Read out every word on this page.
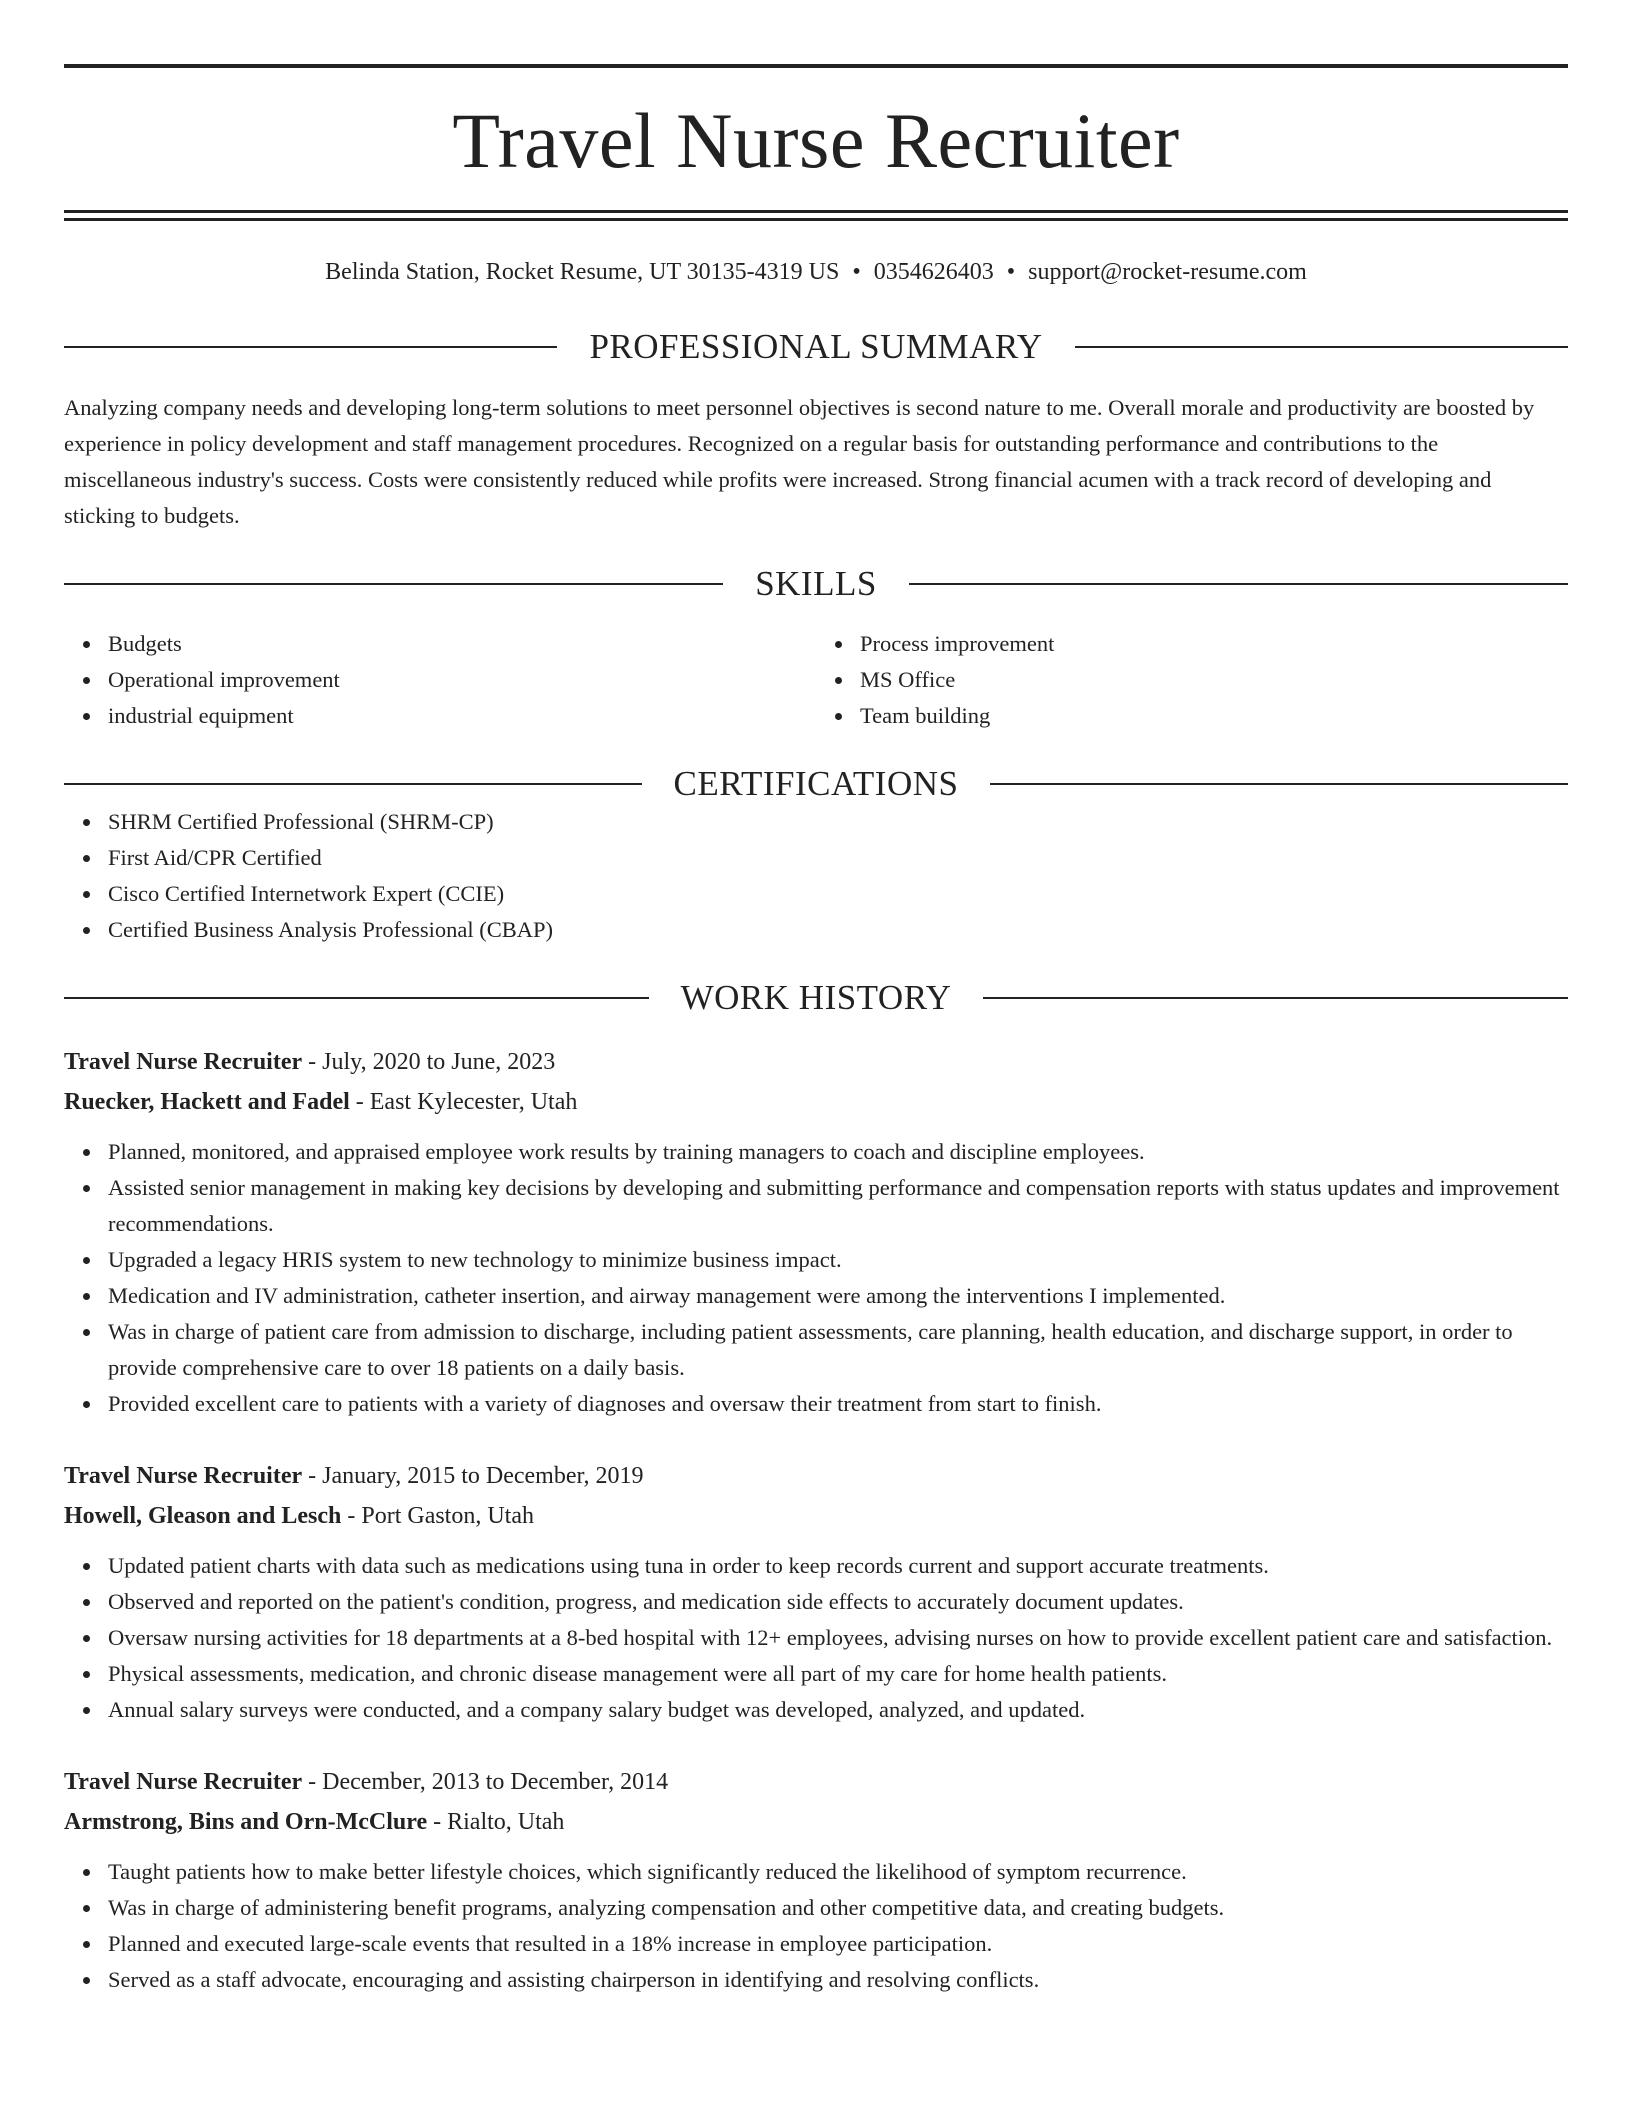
Travel Nurse Recruiter
Belinda Station, Rocket Resume, UT 30135-4319 US • 0354626403 • support@rocket-resume.com
PROFESSIONAL SUMMARY

Analyzing company needs and developing long-term solutions to meet personnel objectives is second nature to me. Overall morale and productivity are boosted by experience in policy development and staff management procedures. Recognized on a regular basis for outstanding performance and contributions to the miscellaneous industry's success. Costs were consistently reduced while profits were increased. Strong financial acumen with a track record of developing and sticking to budgets.

SKILLS
Budgets
Operational improvement
industrial equipment
Process improvement
MS Office
Team building
CERTIFICATIONS
SHRM Certified Professional (SHRM-CP)
First Aid/CPR Certified
Cisco Certified Internetwork Expert (CCIE)
Certified Business Analysis Professional (CBAP)
WORK HISTORY
Travel Nurse Recruiter - July, 2020 to June, 2023
Ruecker, Hackett and Fadel - East Kylecester, Utah
Planned, monitored, and appraised employee work results by training managers to coach and discipline employees.
Assisted senior management in making key decisions by developing and submitting performance and compensation reports with status updates and improvement recommendations.
Upgraded a legacy HRIS system to new technology to minimize business impact.
Medication and IV administration, catheter insertion, and airway management were among the interventions I implemented.
Was in charge of patient care from admission to discharge, including patient assessments, care planning, health education, and discharge support, in order to provide comprehensive care to over 18 patients on a daily basis.
Provided excellent care to patients with a variety of diagnoses and oversaw their treatment from start to finish.
Travel Nurse Recruiter - January, 2015 to December, 2019
Howell, Gleason and Lesch - Port Gaston, Utah
Updated patient charts with data such as medications using tuna in order to keep records current and support accurate treatments.
Observed and reported on the patient's condition, progress, and medication side effects to accurately document updates.
Oversaw nursing activities for 18 departments at a 8-bed hospital with 12+ employees, advising nurses on how to provide excellent patient care and satisfaction.
Physical assessments, medication, and chronic disease management were all part of my care for home health patients.
Annual salary surveys were conducted, and a company salary budget was developed, analyzed, and updated.
Travel Nurse Recruiter - December, 2013 to December, 2014
Armstrong, Bins and Orn-McClure - Rialto, Utah
Taught patients how to make better lifestyle choices, which significantly reduced the likelihood of symptom recurrence.
Was in charge of administering benefit programs, analyzing compensation and other competitive data, and creating budgets.
Planned and executed large-scale events that resulted in a 18% increase in employee participation.
Served as a staff advocate, encouraging and assisting chairperson in identifying and resolving conflicts.
